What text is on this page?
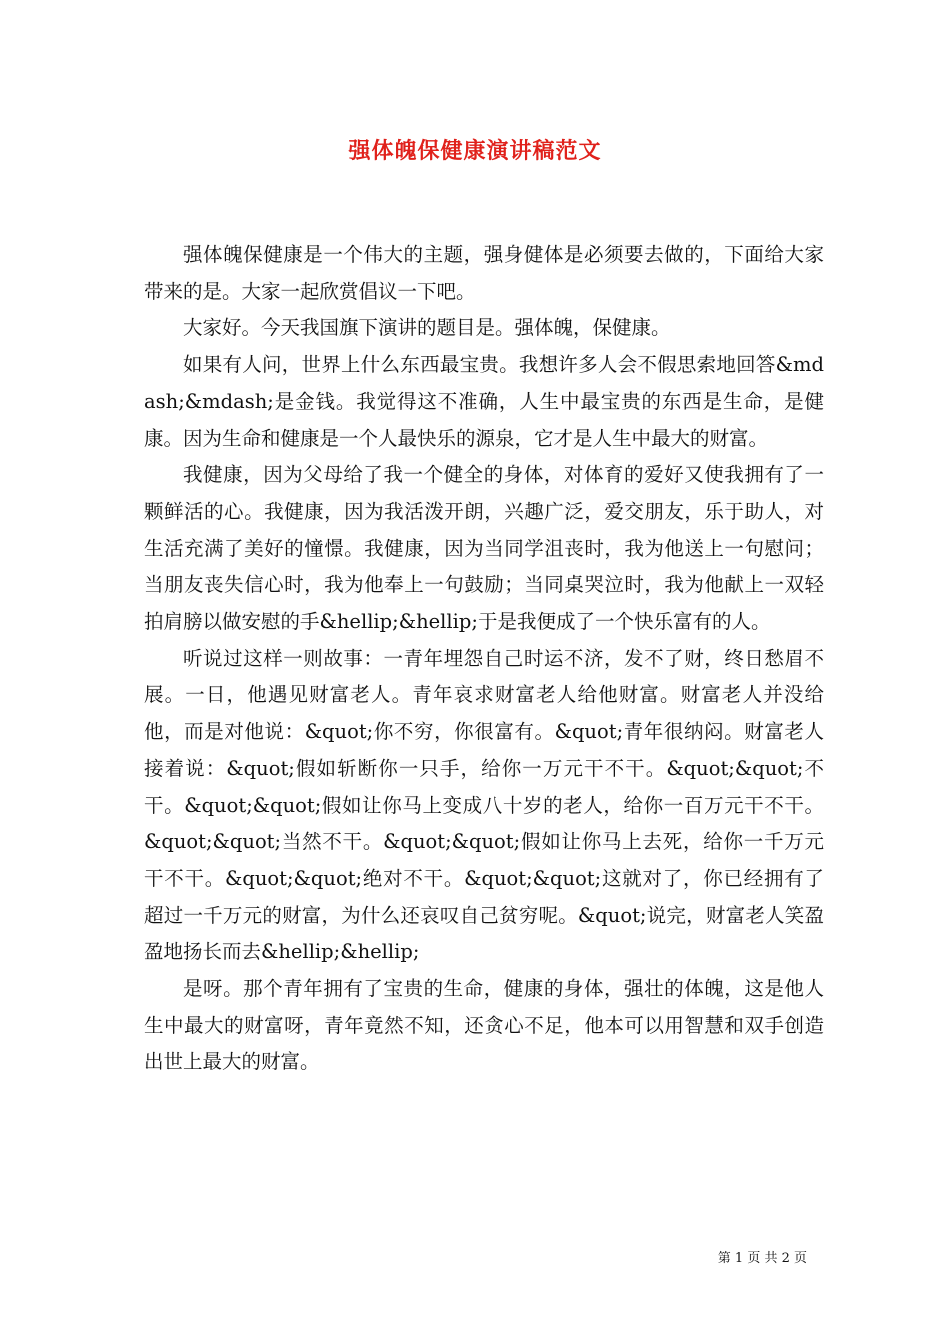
强体魄保健康演讲稿范文

强体魄保健康是一个伟大的主题，强身健体是必须要去做的，下面给大家带来的是。大家一起欣赏倡议一下吧。

大家好。今天我国旗下演讲的题目是。强体魄，保健康。

如果有人问，世界上什么东西最宝贵。我想许多人会不假思索地回答&mdash;&mdash;是金钱。我觉得这不准确，人生中最宝贵的东西是生命，是健康。因为生命和健康是一个人最快乐的源泉，它才是人生中最大的财富。

我健康，因为父母给了我一个健全的身体，对体育的爱好又使我拥有了一颗鲜活的心。我健康，因为我活泼开朗，兴趣广泛，爱交朋友，乐于助人，对生活充满了美好的憧憬。我健康，因为当同学沮丧时，我为他送上一句慰问；当朋友丧失信心时，我为他奉上一句鼓励；当同桌哭泣时，我为他献上一双轻拍肩膀以做安慰的手&hellip;&hellip;于是我便成了一个快乐富有的人。

听说过这样一则故事：一青年埋怨自己时运不济，发不了财，终日愁眉不展。一日，他遇见财富老人。青年哀求财富老人给他财富。财富老人并没给他，而是对他说：&quot;你不穷，你很富有。&quot;青年很纳闷。财富老人接着说：&quot;假如斩断你一只手，给你一万元干不干。&quot;&quot;不干。&quot;&quot;假如让你马上变成八十岁的老人，给你一百万元干不干。&quot;&quot;当然不干。&quot;&quot;假如让你马上去死，给你一千万元干不干。&quot;&quot;绝对不干。&quot;&quot;这就对了，你已经拥有了超过一千万元的财富，为什么还哀叹自己贫穷呢。&quot;说完，财富老人笑盈盈地扬长而去&hellip;&hellip;

是呀。那个青年拥有了宝贵的生命，健康的身体，强壮的体魄，这是他人生中最大的财富呀，青年竟然不知，还贪心不足，他本可以用智慧和双手创造出世上最大的财富。

第 1 页 共 2 页
